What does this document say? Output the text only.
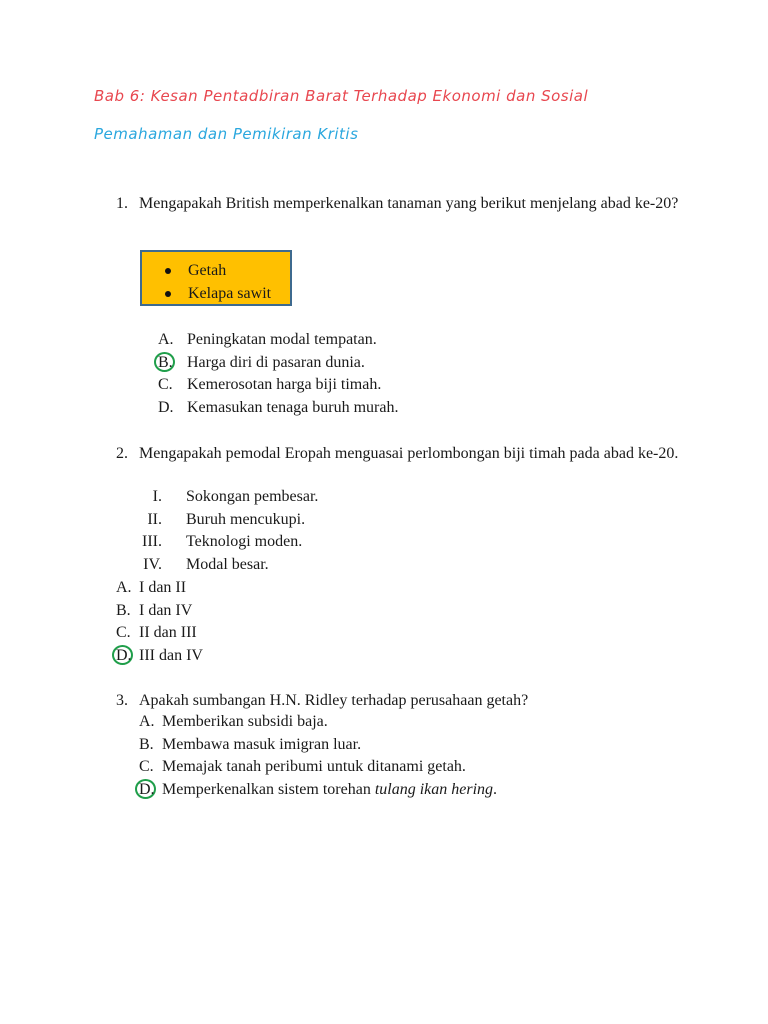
Bab 6: Kesan Pentadbiran Barat Terhadap Ekonomi dan Sosial
Pemahaman dan Pemikiran Kritis
1. Mengapakah British memperkenalkan tanaman yang berikut menjelang abad ke-20?
Getah
Kelapa sawit
A. Peningkatan modal tempatan.
B. Harga diri di pasaran dunia.
C. Kemerosotan harga biji timah.
D. Kemasukan tenaga buruh murah.
2. Mengapakah pemodal Eropah menguasai perlombongan biji timah pada abad ke-20.
I. Sokongan pembesar.
II. Buruh mencukupi.
III. Teknologi moden.
IV. Modal besar.
A. I dan II
B. I dan IV
C. II dan III
D. III dan IV
3. Apakah sumbangan H.N. Ridley terhadap perusahaan getah?
A. Memberikan subsidi baja.
B. Membawa masuk imigran luar.
C. Memajak tanah peribumi untuk ditanami getah.
D. Memperkenalkan sistem torehan tulang ikan hering.
